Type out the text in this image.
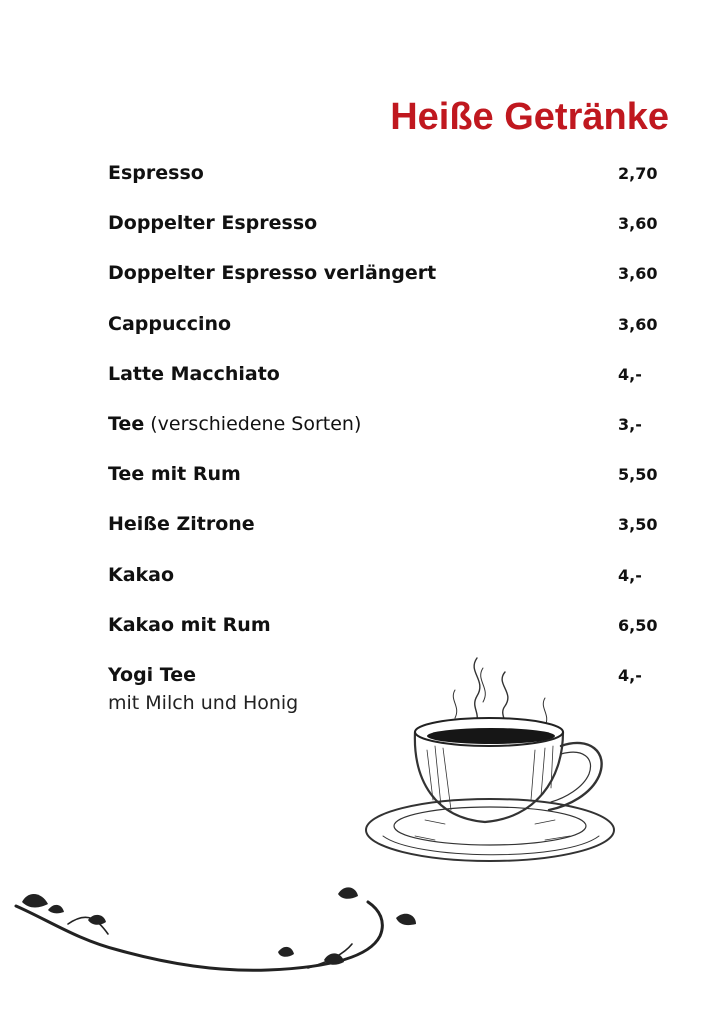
Heiße Getränke
Espresso	2,70
Doppelter Espresso	3,60
Doppelter Espresso verlängert	3,60
Cappuccino	3,60
Latte Macchiato	4,-
Tee (verschiedene Sorten)	3,-
Tee mit Rum	5,50
Heiße Zitrone	3,50
Kakao	4,-
Kakao mit Rum	6,50
Yogi Tee	4,-
mit Milch und Honig
